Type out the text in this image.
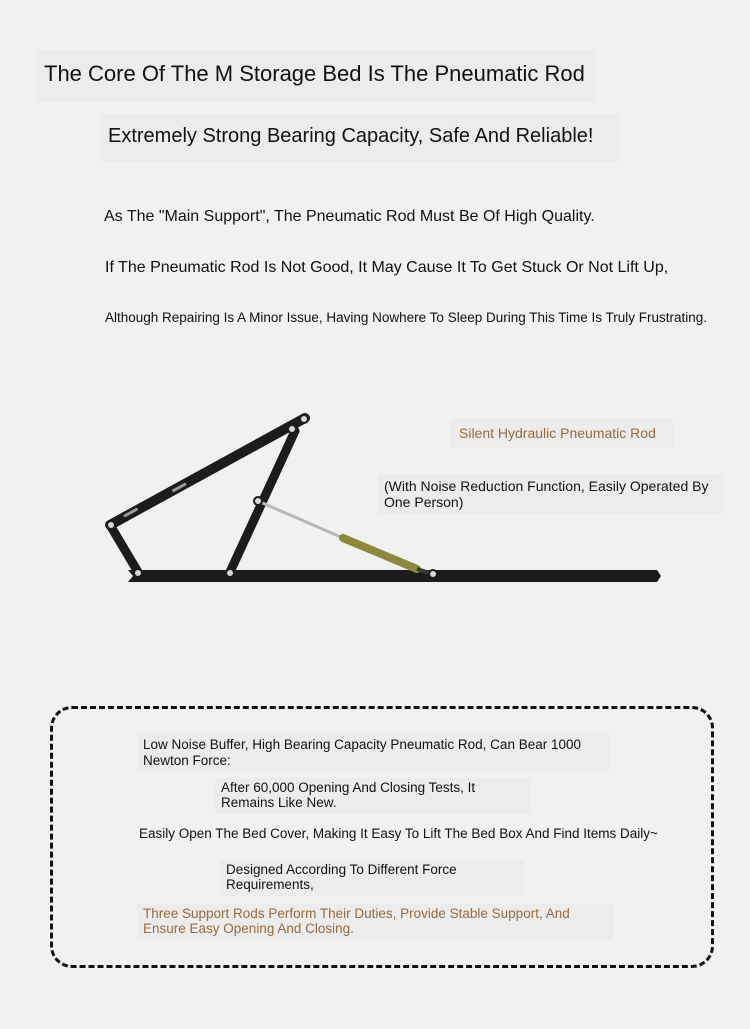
The Core Of The M Storage Bed Is The Pneumatic Rod
Extremely Strong Bearing Capacity, Safe And Reliable!
As The "Main Support", The Pneumatic Rod Must Be Of High Quality.
If The Pneumatic Rod Is Not Good, It May Cause It To Get Stuck Or Not Lift Up,
Although Repairing Is A Minor Issue, Having Nowhere To Sleep During This Time Is Truly Frustrating.
Silent Hydraulic Pneumatic Rod
(With Noise Reduction Function, Easily Operated By One Person)
Low Noise Buffer, High Bearing Capacity Pneumatic Rod, Can Bear 1000 Newton Force:
After 60,000 Opening And Closing Tests, It Remains Like New.
Easily Open The Bed Cover, Making It Easy To Lift The Bed Box And Find Items Daily~
Designed According To Different Force Requirements,
Three Support Rods Perform Their Duties, Provide Stable Support, And Ensure Easy Opening And Closing.
